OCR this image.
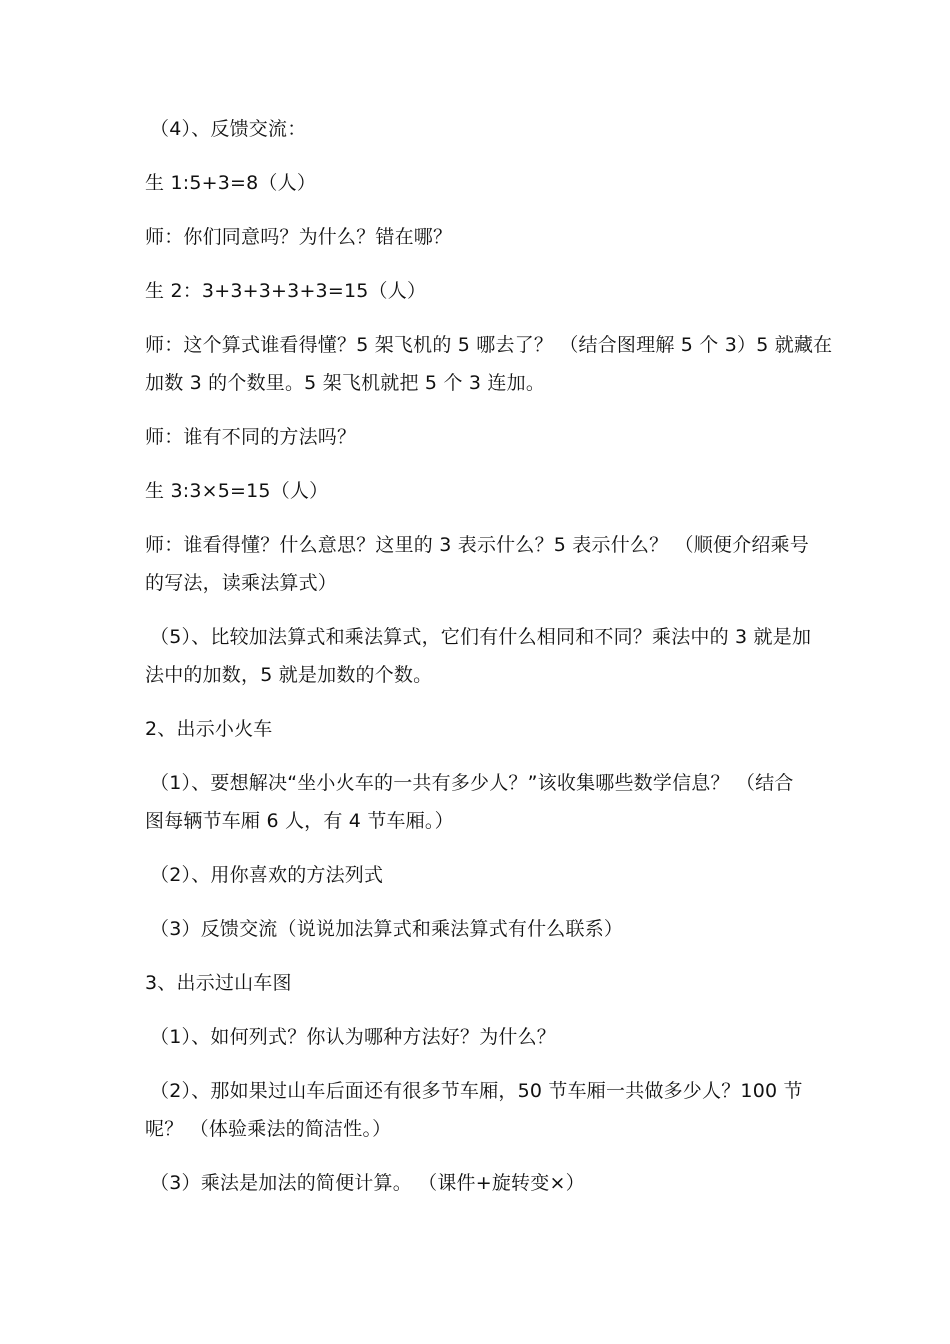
（4）、反馈交流：
生 1:5+3=8（人）
师：你们同意吗？为什么？错在哪？
生 2：3+3+3+3+3=15（人）
师：这个算式谁看得懂？5 架飞机的 5 哪去了？ （结合图理解 5 个 3）5 就藏在
加数 3 的个数里。5 架飞机就把 5 个 3 连加。
师：谁有不同的方法吗？
生 3:3×5=15（人）
师：谁看得懂？什么意思？这里的 3 表示什么？5 表示什么？ （顺便介绍乘号
的写法，读乘法算式）
（5）、比较加法算式和乘法算式，它们有什么相同和不同？乘法中的 3 就是加
法中的加数，5 就是加数的个数。
2、出示小火车
（1）、要想解决“坐小火车的一共有多少人？”该收集哪些数学信息？ （结合
图每辆节车厢 6 人，有 4 节车厢。）
（2）、用你喜欢的方法列式
（3）反馈交流（说说加法算式和乘法算式有什么联系）
3、出示过山车图
（1）、如何列式？你认为哪种方法好？为什么？
（2）、那如果过山车后面还有很多节车厢，50 节车厢一共做多少人？100 节
呢？ （体验乘法的简洁性。）
（3）乘法是加法的简便计算。 （课件+旋转变×）
